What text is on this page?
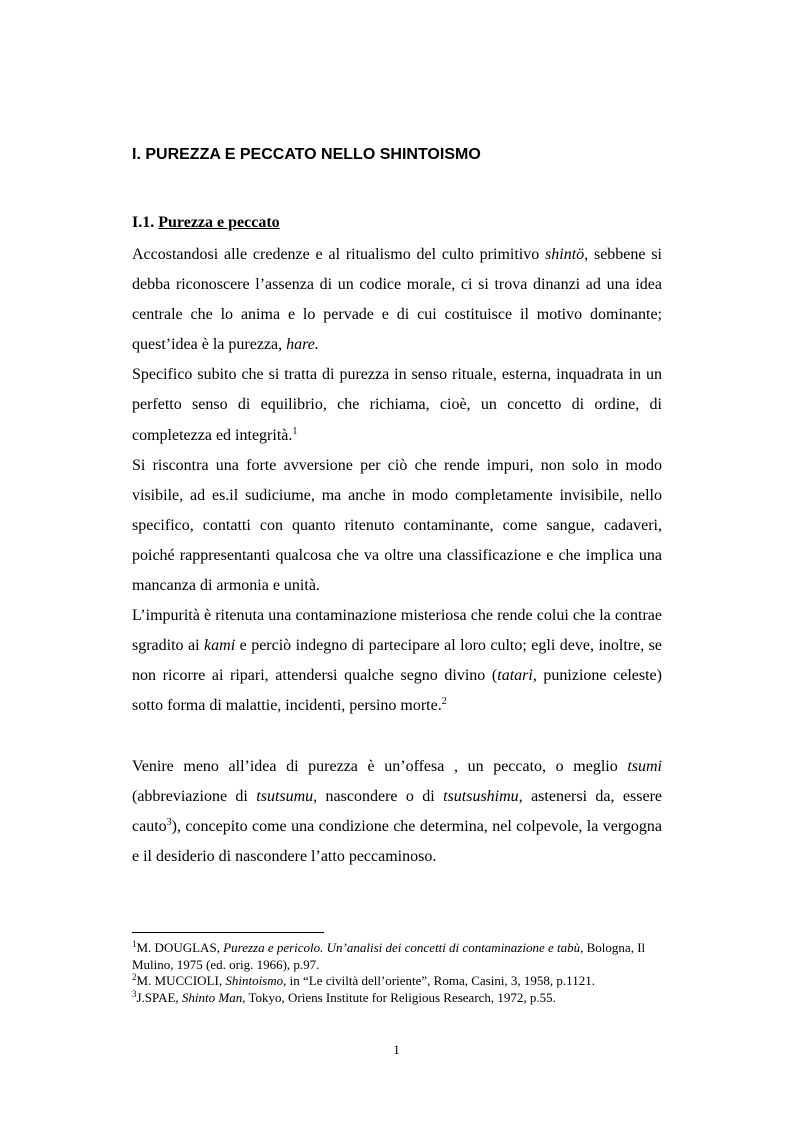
I. PUREZZA E PECCATO NELLO SHINTOISMO
I.1. Purezza e peccato

Accostandosi alle credenze e al ritualismo del culto primitivo shintö, sebbene si debba riconoscere l’assenza di un codice morale, ci si trova dinanzi ad una idea centrale che lo anima e lo pervade e di cui costituisce il motivo dominante; quest’idea è la purezza, hare.

Specifico subito che si tratta di purezza in senso rituale, esterna, inquadrata in un perfetto senso di equilibrio, che richiama, cioè, un concetto di ordine, di completezza ed integrità.$^1$

Si riscontra una forte avversione per ciò che rende impuri, non solo in modo visibile, ad es.il sudiciume, ma anche in modo completamente invisibile, nello specifico, contatti con quanto ritenuto contaminante, come sangue, cadaveri, poiché rappresentanti qualcosa che va oltre una classificazione e che implica una mancanza di armonia e unità.

L’impurità è ritenuta una contaminazione misteriosa che rende colui che la contrae sgradito ai kami e perciò indegno di partecipare al loro culto; egli deve, inoltre, se non ricorre ai ripari, attendersi qualche segno divino (tatari, punizione celeste) sotto forma di malattie, incidenti, persino morte.$^2$

Venire meno all’idea di purezza è un’offesa , un peccato, o meglio tsumi (abbreviazione di tsutsumu, nascondere o di tsutsushimu, astenersi da, essere cauto$^3$), concepito come una condizione che determina, nel colpevole, la vergogna e il desiderio di nascondere l’atto peccaminoso.

$^1$M. DOUGLAS, Purezza e pericolo. Un’analisi dei concetti di contaminazione e tabù, Bologna, Il Mulino, 1975 (ed. orig. 1966), p.97.

$^2$M. MUCCIOLI, Shintoismo, in “Le civiltà dell’oriente”, Roma, Casini, 3, 1958, p.1121.

$^3$J.SPAE, Shinto Man, Tokyo, Oriens Institute for Religious Research, 1972, p.55.

1
